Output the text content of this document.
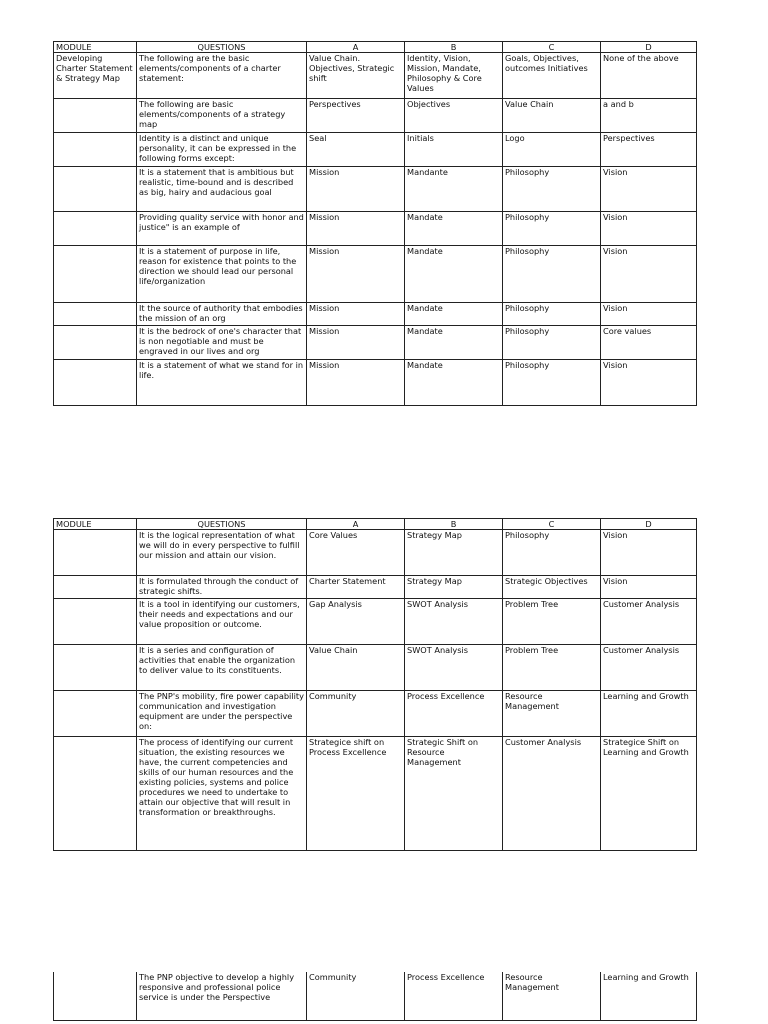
MODULE	QUESTIONS	A	B	C	D
Developing Charter Statement & Strategy Map	The following are the basic elements/components of a charter statement:	Value Chain. Objectives, Strategic shift	Identity, Vision, Mission, Mandate, Philosophy & Core Values	Goals, Objectives, outcomes Initiatives	None of the above
	The following are basic elements/components of a strategy map	Perspectives	Objectives	Value Chain	a and b
	Identity is a distinct and unique personality, it can be expressed in the following forms except:	Seal	Initials	Logo	Perspectives
	It is a statement that is ambitious but realistic, time-bound and is described as big, hairy and audacious goal	Mission	Mandante	Philosophy	Vision
	Providing quality service with honor and justice" is an example of	Mission	Mandate	Philosophy	Vision
	It is a statement of purpose in life, reason for existence that points to the direction we should lead our personal life/organization	Mission	Mandate	Philosophy	Vision
	It the source of authority that embodies the mission of an org	Mission	Mandate	Philosophy	Vision
	It is the bedrock of one's character that is non negotiable and must be engraved in our lives and org	Mission	Mandate	Philosophy	Core values
	It is a statement of what we stand for in life.	Mission	Mandate	Philosophy	Vision
MODULE	QUESTIONS	A	B	C	D
	It is the logical representation of what we will do in every perspective to fulfill our mission and attain our vision.	Core Values	Strategy Map	Philosophy	Vision
	It is formulated through the conduct of strategic shifts.	Charter Statement	Strategy Map	Strategic Objectives	Vision
	It is a tool in identifying our customers, their needs and expectations and our value proposition or outcome.	Gap Analysis	SWOT Analysis	Problem Tree	Customer Analysis
	It is a series and configuration of activities that enable the organization to deliver value to its constituents.	Value Chain	SWOT Analysis	Problem Tree	Customer Analysis
	The PNP's mobility, fire power capability communication and investigation equipment are under the perspective on:	Community	Process Excellence	Resource Management	Learning and Growth
	The process of identifying our current situation, the existing resources we have, the current competencies and skills of our human resources and the existing policies, systems and police procedures we need to undertake to attain our objective that will result in transformation or breakthroughs.	Strategice shift on Process Excellence	Strategic Shift on Resource Management	Customer Analysis	Strategice Shift on Learning and Growth
	The PNP objective to develop a highly responsive and professional police service is under the Perspective	Community	Process Excellence	Resource Management	Learning and Growth
